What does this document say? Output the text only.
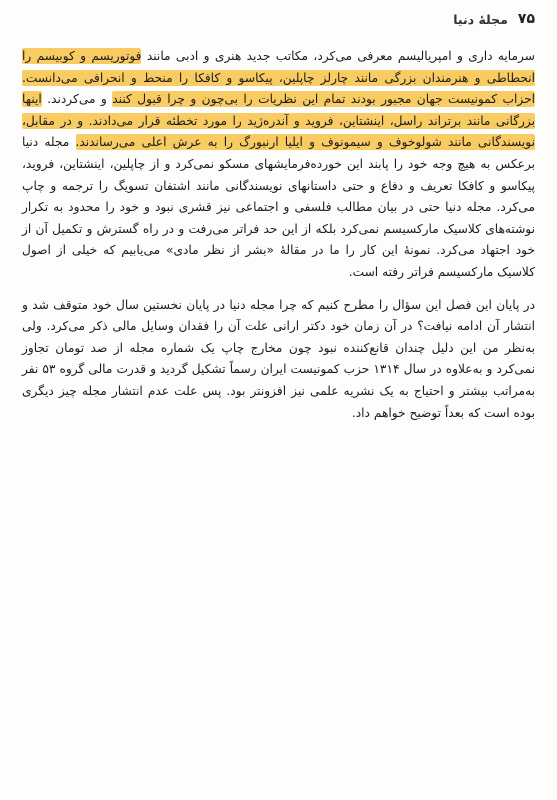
۷۵
مجلهٔ دنیا

سرمایه داری و امپریالیسم معرفی می‌کرد، مکاتب جدید هنری و ادبی مانند فوتوریسم و کوبیسم را انحطاطی و هنرمندان بزرگی مانند چارلز چاپلین، پیکاسو و کافکا را منحط و انحرافی می‌دانست. احزاب کمونیست جهان مجبور بودند تمام این نظریات را بی‌چون و چرا قبول کنند و می‌کردند. اینها بزرگانی مانند برتراند راسل، اینشتاین، فروید و آندره‌ژید را مورد تخطئه قرار می‌دادند. و در مقابل، نویسندگانی مانند شولوخوف و سیمونوف و ایلیا ارنبورگ را به عرش اعلی می‌رساندند. مجله دنیا برعکس به هیچ وجه خود را پابند این خورده‌فرمایشهای مسکو نمی‌کرد و از چاپلین، اینشتاین، فروید، پیکاسو و کافکا تعریف و دفاع و حتی داستانهای نویسندگانی مانند اشتفان تسویگ را ترجمه و چاپ می‌کرد. مجله دنیا حتی در بیان مطالب فلسفی و اجتماعی نیز قشری نبود و خود را محدود به تکرار نوشته‌های کلاسیک مارکسیسم نمی‌کرد بلکه از این حد فراتر می‌رفت و در راه گسترش و تکمیل آن از خود اجتهاد می‌کرد. نمونهٔ این کار را ما در مقالهٔ «بشر از نظر مادی» می‌یابیم که خیلی از اصول کلاسیک مارکسیسم فراتر رفته است.

در پایان این فصل این سؤال را مطرح کنیم که چرا مجله دنیا در پایان نخستین سال خود متوقف شد و انتشار آن ادامه نیافت؟ در آن زمان خود دکتر ارانی علت آن را فقدان وسایل مالی ذکر می‌کرد. ولی به‌نظر من این دلیل چندان قانع‌کننده نبود چون مخارج چاپ یک شماره مجله از صد تومان تجاوز نمی‌کرد و به‌علاوه در سال ۱۳۱۴ حزب کمونیست ایران رسماً تشکیل گردید و قدرت مالی گروه ۵۳ نفر به‌مراتب بیشتر و احتیاج به یک نشریه علمی نیز افزونتر بود. پس علت عدم انتشار مجله چیز دیگری بوده است که بعداً توضیح خواهم داد.
